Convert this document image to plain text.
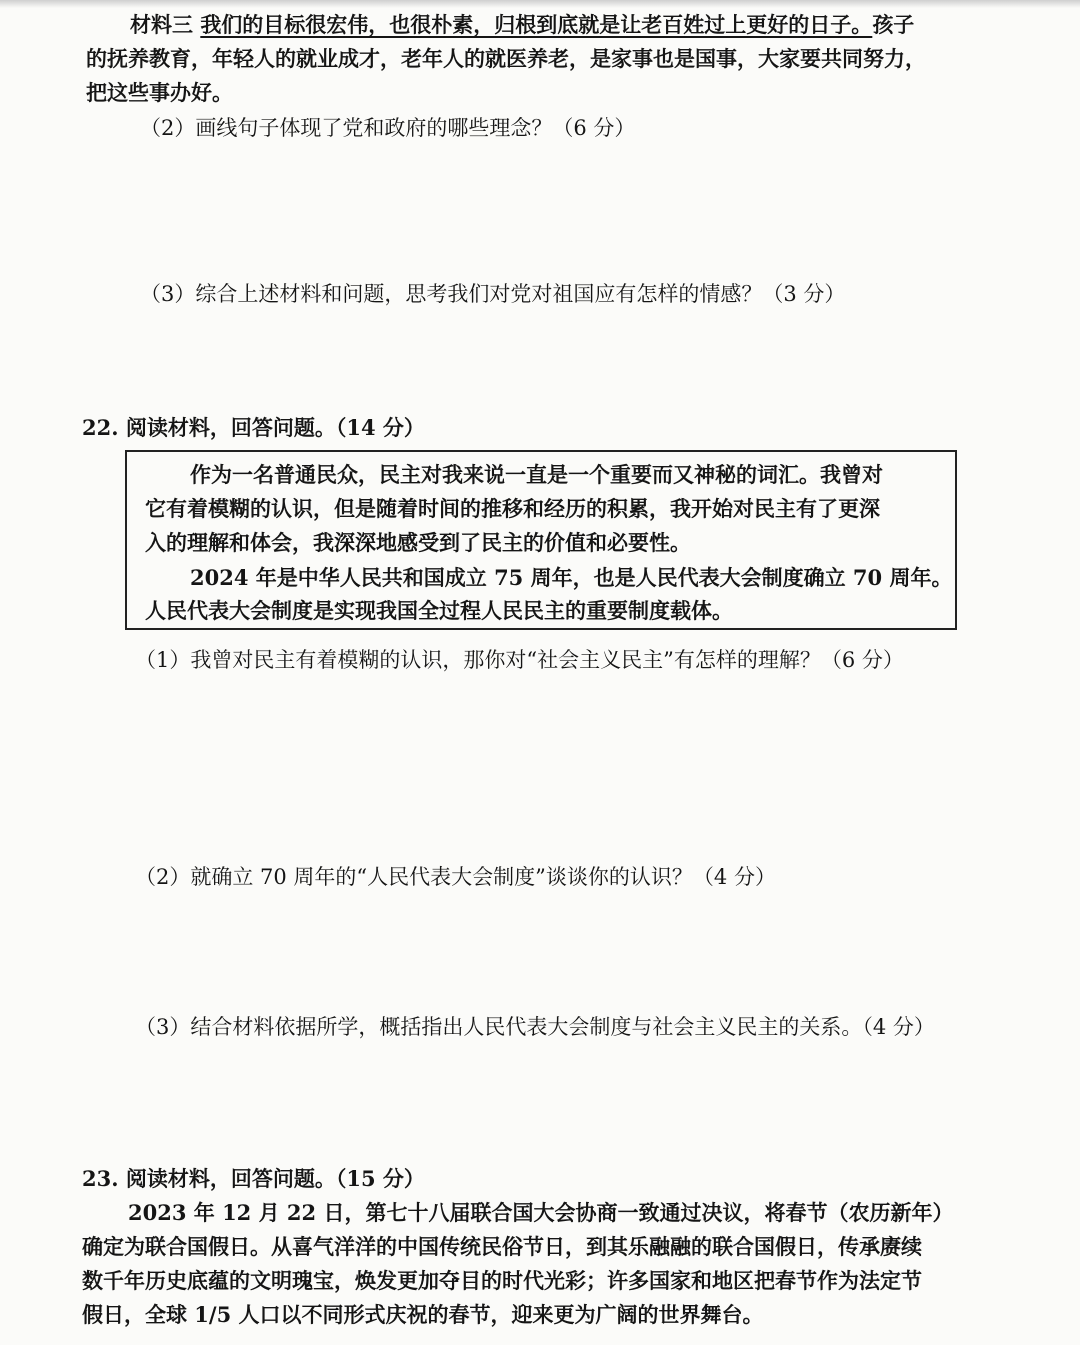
材料三 我们的目标很宏伟，也很朴素，归根到底就是让老百姓过上更好的日子。孩子
的抚养教育，年轻人的就业成才，老年人的就医养老，是家事也是国事，大家要共同努力，
把这些事办好。
（2）画线句子体现了党和政府的哪些理念？（6 分）
（3）综合上述材料和问题，思考我们对党对祖国应有怎样的情感？（3 分）
22. 阅读材料，回答问题。（14 分）
作为一名普通民众，民主对我来说一直是一个重要而又神秘的词汇。我曾对
它有着模糊的认识，但是随着时间的推移和经历的积累，我开始对民主有了更深
入的理解和体会，我深深地感受到了民主的价值和必要性。
2024 年是中华人民共和国成立 75 周年，也是人民代表大会制度确立 70 周年。
人民代表大会制度是实现我国全过程人民民主的重要制度载体。
（1）我曾对民主有着模糊的认识，那你对“社会主义民主”有怎样的理解？（6 分）
（2）就确立 70 周年的“人民代表大会制度”谈谈你的认识？（4 分）
（3）结合材料依据所学，概括指出人民代表大会制度与社会主义民主的关系。（4 分）
23. 阅读材料，回答问题。（15 分）
2023 年 12 月 22 日，第七十八届联合国大会协商一致通过决议，将春节（农历新年）
确定为联合国假日。从喜气洋洋的中国传统民俗节日，到其乐融融的联合国假日，传承赓续
数千年历史底蕴的文明瑰宝，焕发更加夺目的时代光彩；许多国家和地区把春节作为法定节
假日，全球 1/5 人口以不同形式庆祝的春节，迎来更为广阔的世界舞台。
